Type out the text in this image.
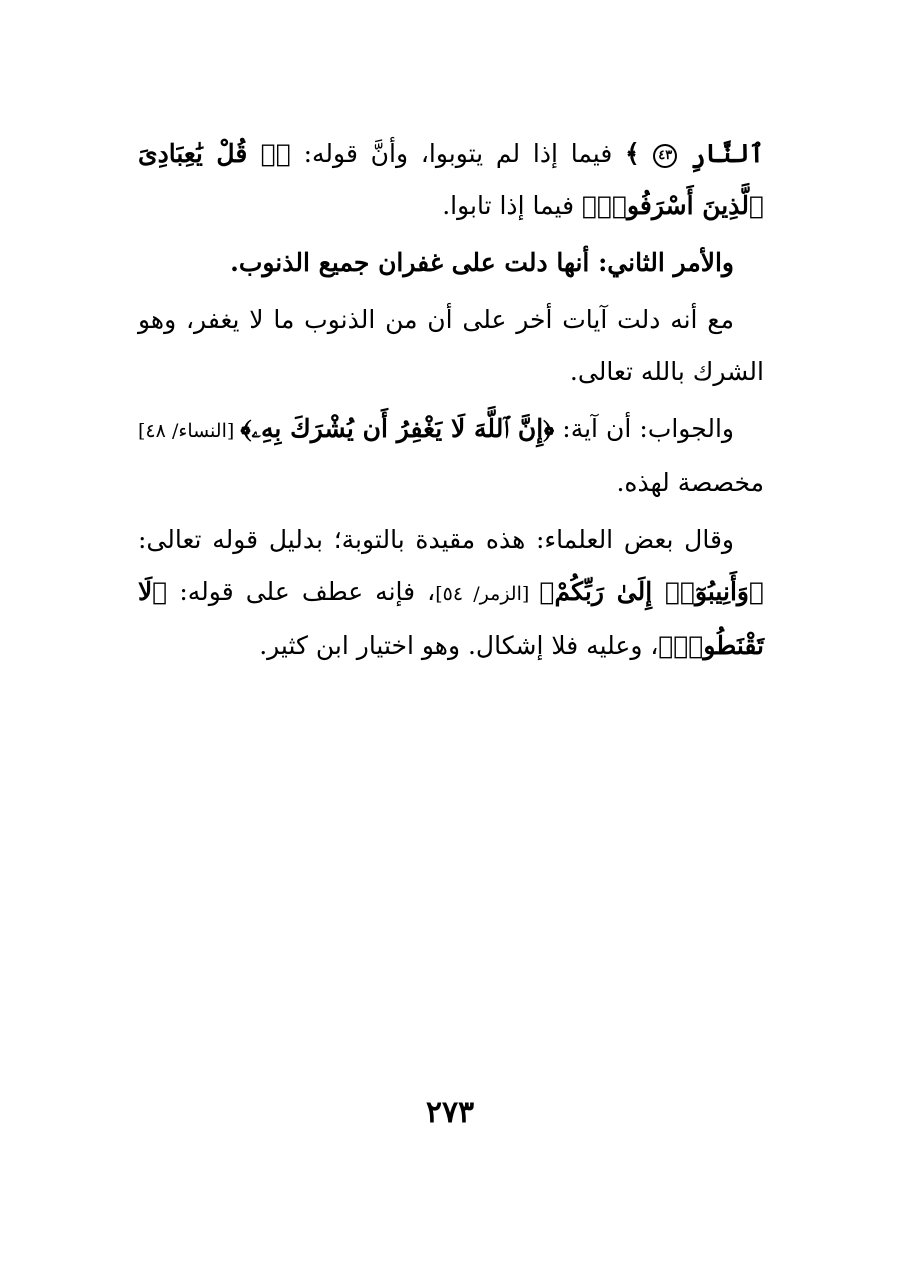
ٱلنَّارِ ٤٣ ﴾ فيما إذا لم يتوبوا، وأنَّ قوله: ﴿۞ قُلْ يَٰعِبَادِىَ ٱلَّذِينَ أَسْرَفُوا۟﴾ فيما إذا تابوا.

والأمر الثاني: أنها دلت على غفران جميع الذنوب.

مع أنه دلت آيات أخر على أن من الذنوب ما لا يغفر، وهو الشرك بالله تعالى.

والجواب: أن آية: ﴿إِنَّ ٱللَّهَ لَا يَغْفِرُ أَن يُشْرَكَ بِهِۦ﴾ [النساء/ ٤٨] مخصصة لهذه.

وقال بعض العلماء: هذه مقيدة بالتوبة؛ بدليل قوله تعالى: ﴿وَأَنِيبُوٓا۟ إِلَىٰ رَبِّكُمْ﴾ [الزمر/ ٥٤]، فإنه عطف على قوله: ﴿لَا تَقْنَطُوا۟﴾، وعليه فلا إشكال. وهو اختيار ابن كثير.

٢٧٣
